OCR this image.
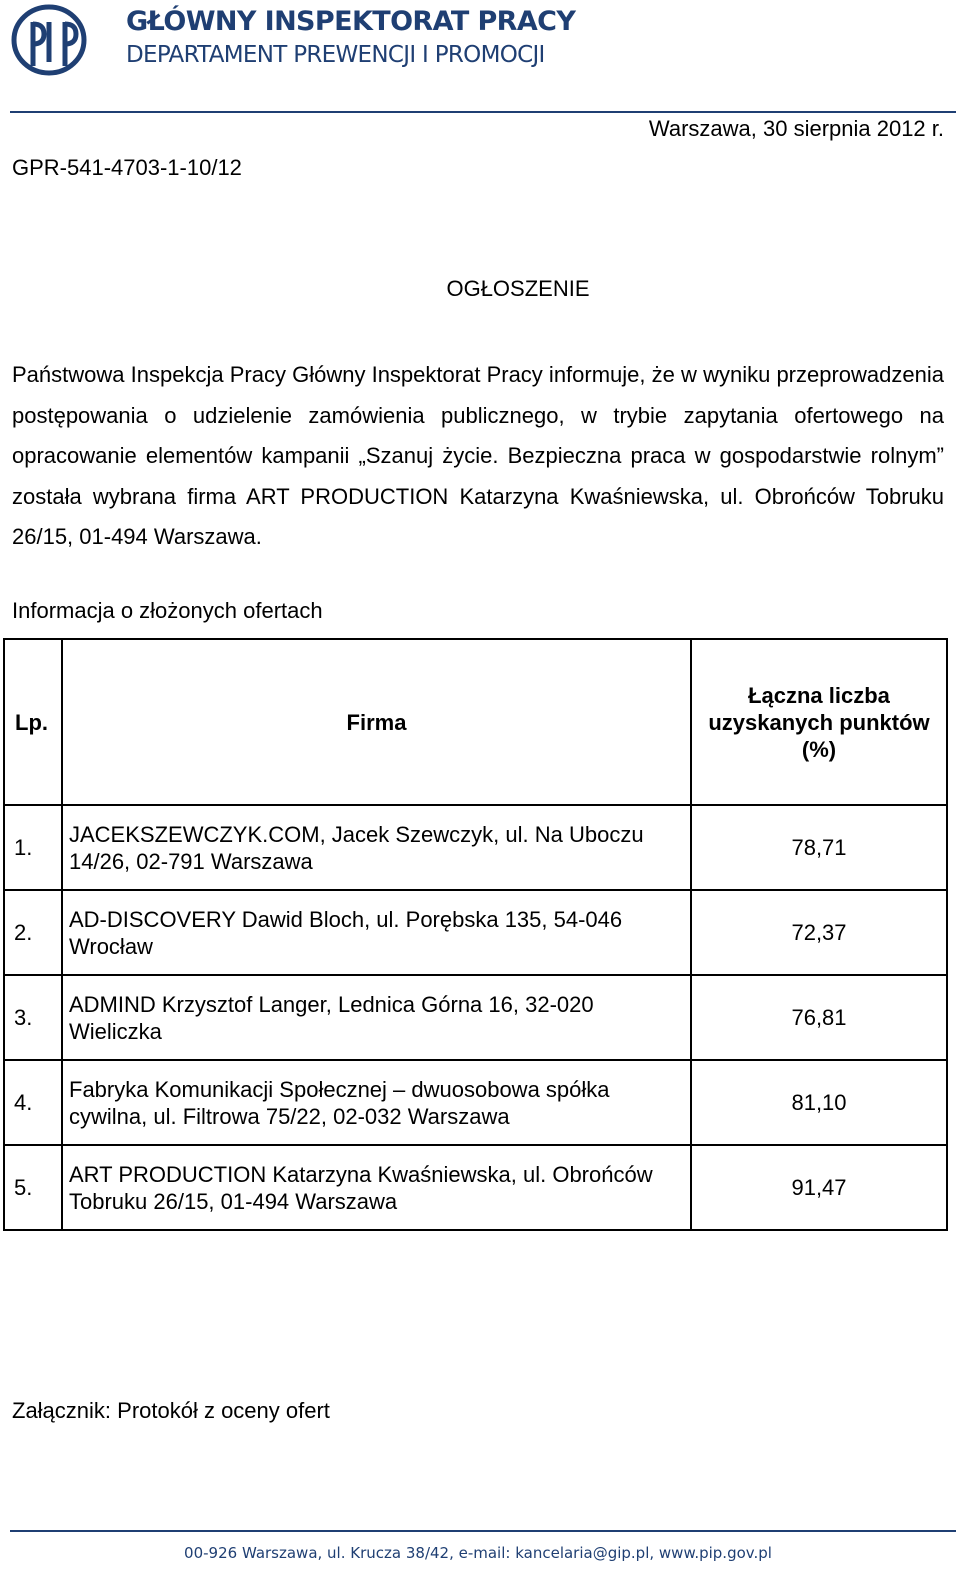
GŁÓWNY INSPEKTORAT PRACY
DEPARTAMENT PREWENCJI I PROMOCJI
Warszawa, 30 sierpnia 2012 r.
GPR-541-4703-1-10/12
OGŁOSZENIE
Państwowa Inspekcja Pracy Główny Inspektorat Pracy informuje, że w wyniku przeprowadzenia postępowania o udzielenie zamówienia publicznego, w trybie zapytania ofertowego na opracowanie elementów kampanii „Szanuj życie. Bezpieczna praca w gospodarstwie rolnym” została wybrana firma ART PRODUCTION Katarzyna Kwaśniewska, ul. Obrońców Tobruku 26/15, 01-494 Warszawa.
Informacja o złożonych ofertach
Lp.	Firma	Łączna liczba
uzyskanych punktów
(%)
1.	JACEKSZEWCZYK.COM, Jacek Szewczyk, ul. Na Uboczu 14/26, 02-791 Warszawa	78,71
2.	AD-DISCOVERY Dawid Bloch, ul. Porębska 135, 54-046 Wrocław	72,37
3.	ADMIND Krzysztof Langer, Lednica Górna 16, 32-020 Wieliczka	76,81
4.	Fabryka Komunikacji Społecznej – dwuosobowa spółka cywilna, ul. Filtrowa 75/22, 02-032 Warszawa	81,10
5.	ART PRODUCTION Katarzyna Kwaśniewska, ul. Obrońców Tobruku 26/15, 01-494 Warszawa	91,47
Załącznik: Protokół z oceny ofert
00-926 Warszawa, ul. Krucza 38/42, e-mail: kancelaria@gip.pl, www.pip.gov.pl
